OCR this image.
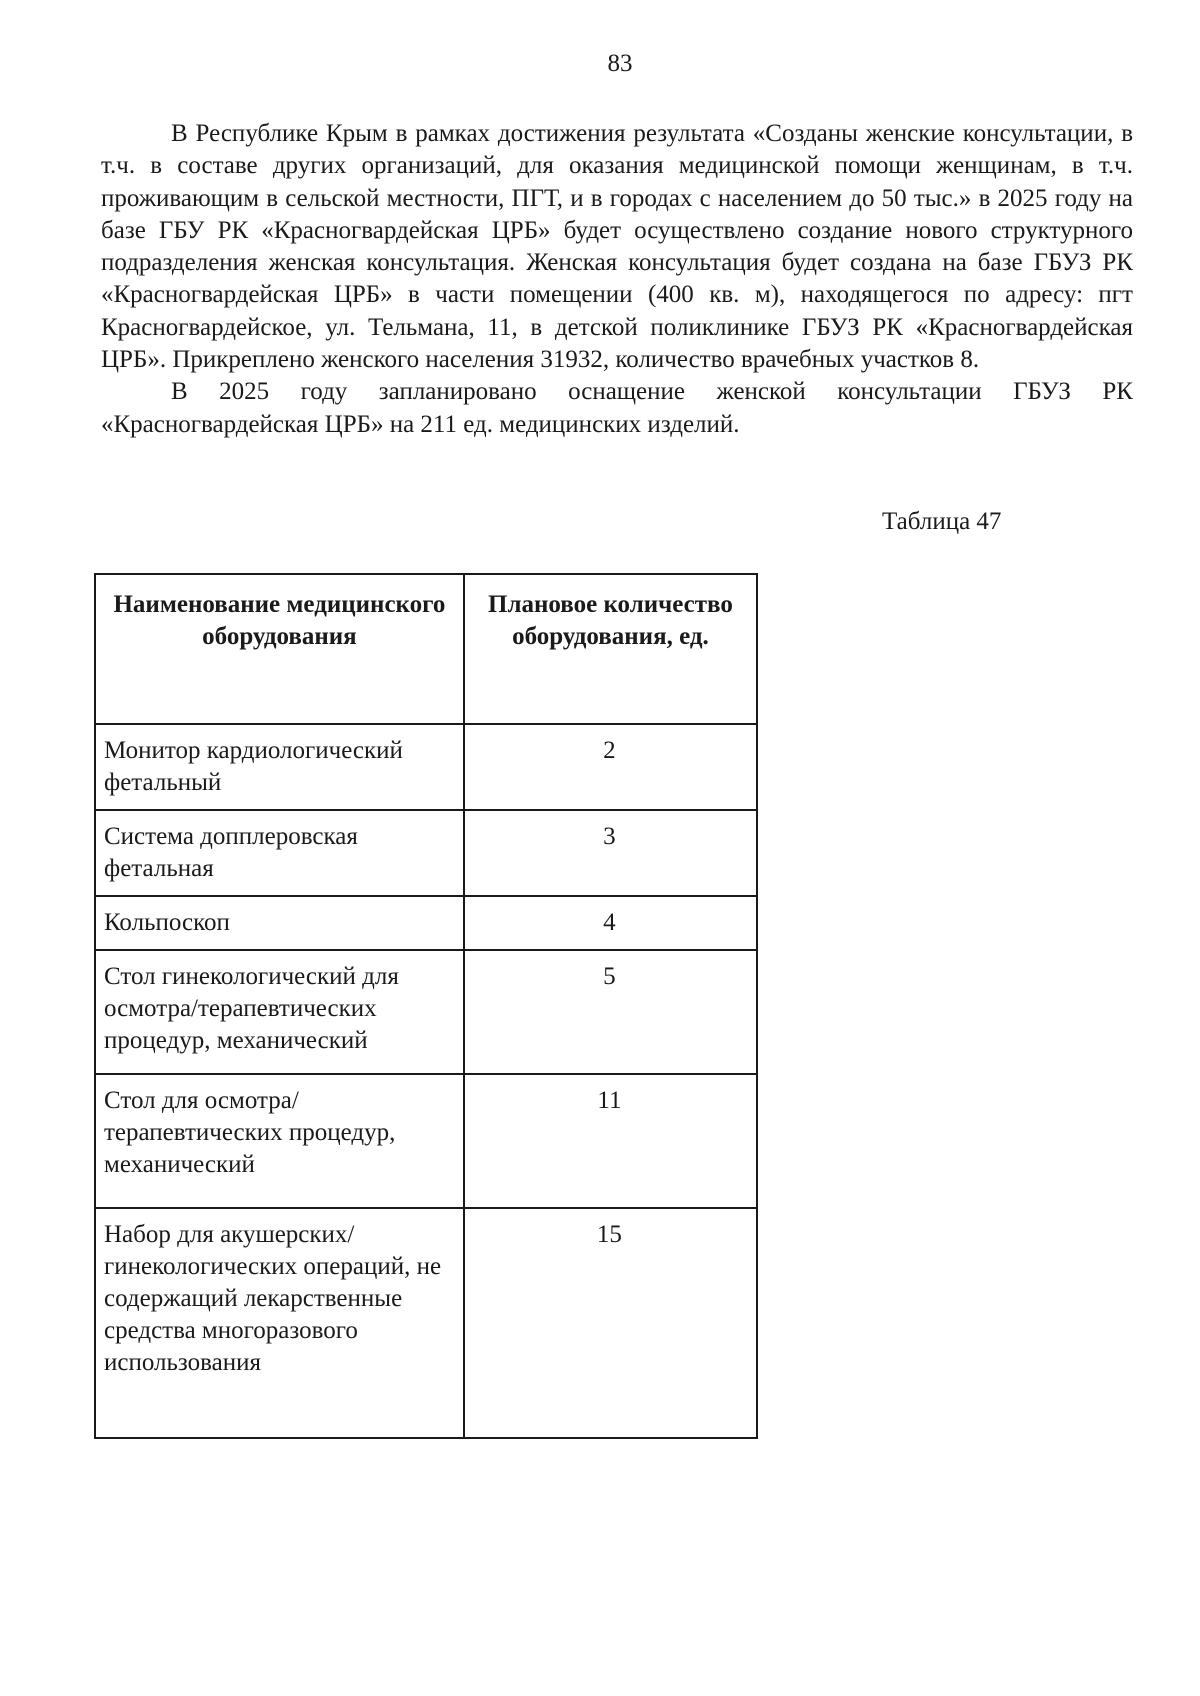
83

В Республике Крым в рамках достижения результата «Созданы женские консультации, в т.ч. в составе других организаций, для оказания медицинской помощи женщинам, в т.ч. проживающим в сельской местности, ПГТ, и в городах с населением до 50 тыс.» в 2025 году на базе ГБУ РК «Красногвардейская ЦРБ» будет осуществлено создание нового структурного подразделения женская консультация. Женская консультация будет создана на базе ГБУЗ РК «Красногвардейская ЦРБ» в части помещении (400 кв. м), находящегося по адресу: пгт Красногвардейское, ул. Тельмана, 11, в детской поликлинике ГБУЗ РК «Красногвардейская ЦРБ». Прикреплено женского населения 31932, количество врачебных участков 8.

В 2025 году запланировано оснащение женской консультации ГБУЗ РК «Красногвардейская ЦРБ» на 211 ед. медицинских изделий.

Таблица 47
Наименование медицинского оборудования	Плановое количество оборудования, ед.
Монитор кардиологический фетальный	2
Система допплеровская фетальная	3
Кольпоскоп	4
Стол гинекологический для осмотра/терапевтических процедур, механический	5
Стол для осмотра/терапевтических процедур, механический	11
Набор для акушерских/гинекологических операций, не содержащий лекарственные средства многоразового использования	15
